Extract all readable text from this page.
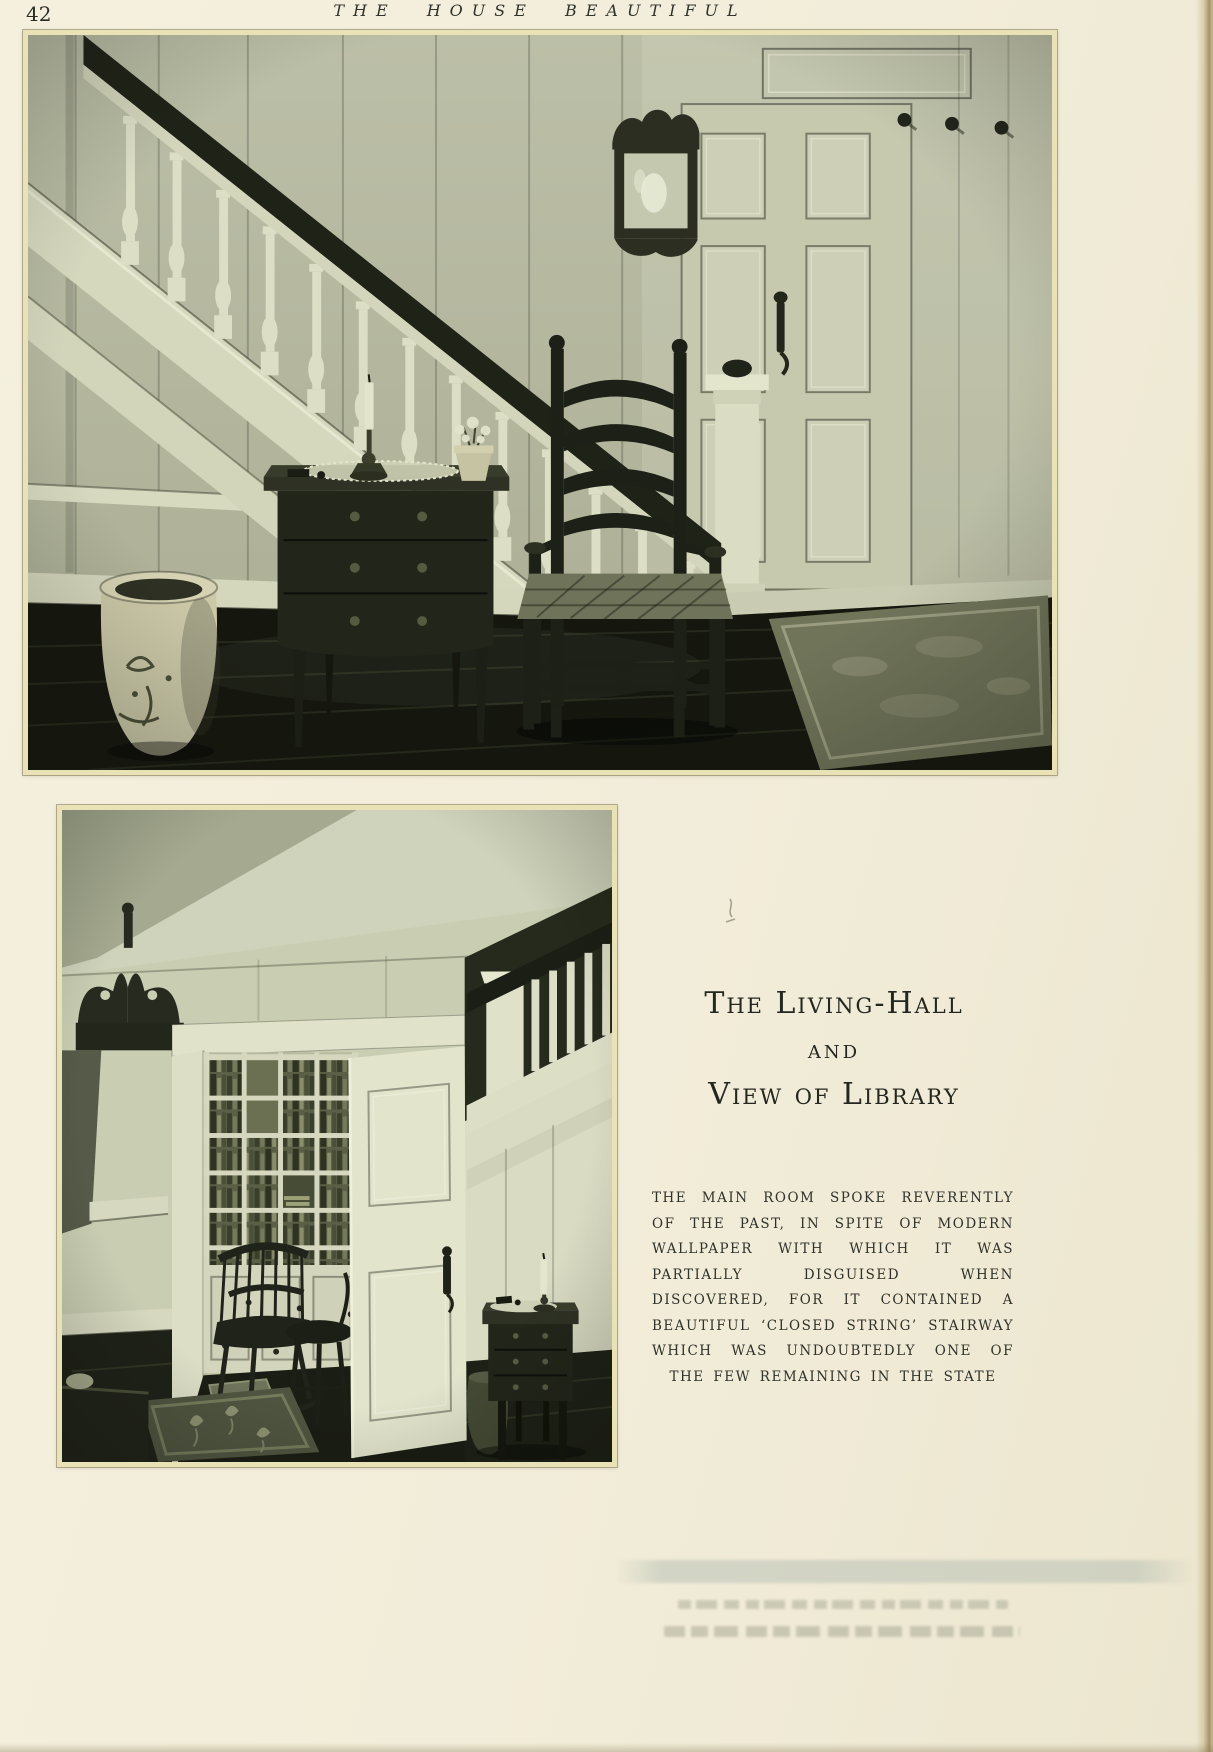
42	THE HOUSE BEAUTIFUL
The Living-Hall
and
View of Library
THE MAIN ROOM SPOKE REVERENTLY OF THE PAST, IN SPITE OF MODERN WALLPAPER WITH WHICH IT WAS PARTIALLY DISGUISED WHEN DISCOVERED, FOR IT CONTAINED A BEAUTIFUL ‘CLOSED STRING’ STAIRWAY WHICH WAS UNDOUBTEDLY ONE OF THE FEW REMAINING IN THE STATE
